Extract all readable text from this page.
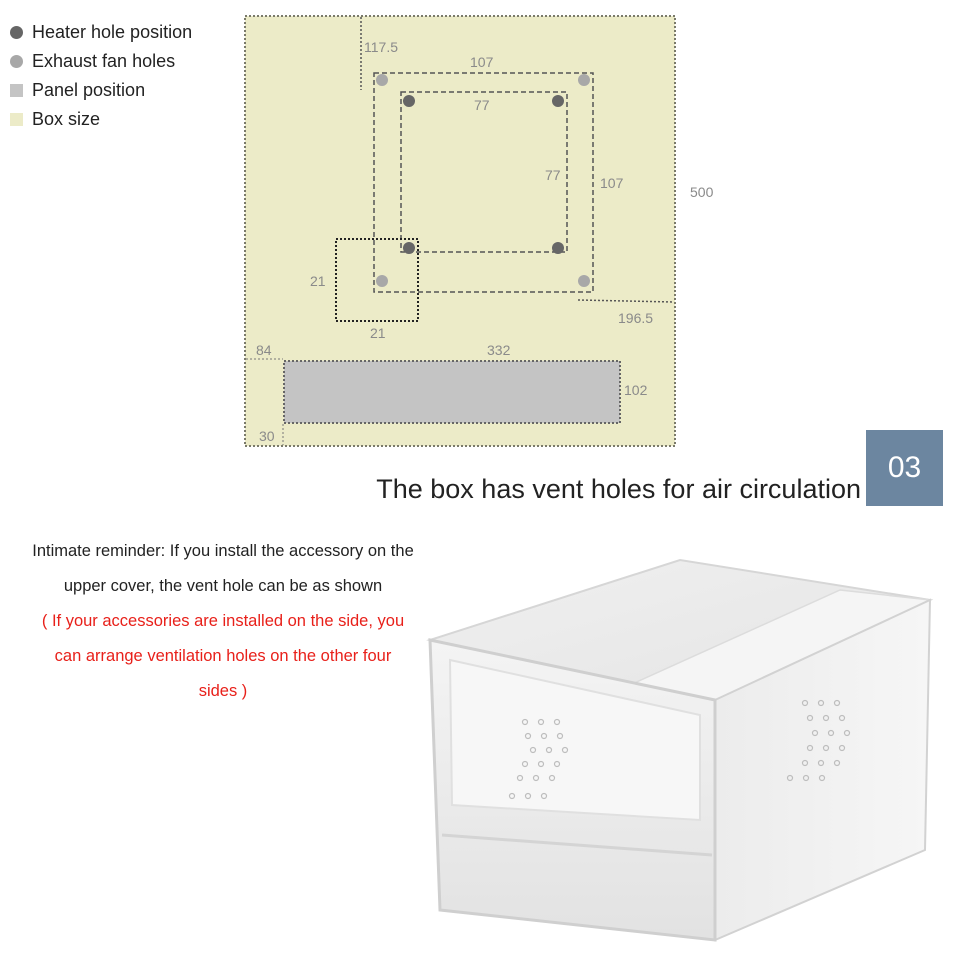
Heater hole position
Exhaust fan holes
Panel position
Box size
117.5
107
77
77	107
500
21
21
196.5
84	332
102
30
03
The box has vent holes for air circulation
Intimate reminder: If you install the accessory on the
upper cover, the vent hole can be as shown
( If your accessories are installed on the side, you
can arrange ventilation holes on the other four
sides )
